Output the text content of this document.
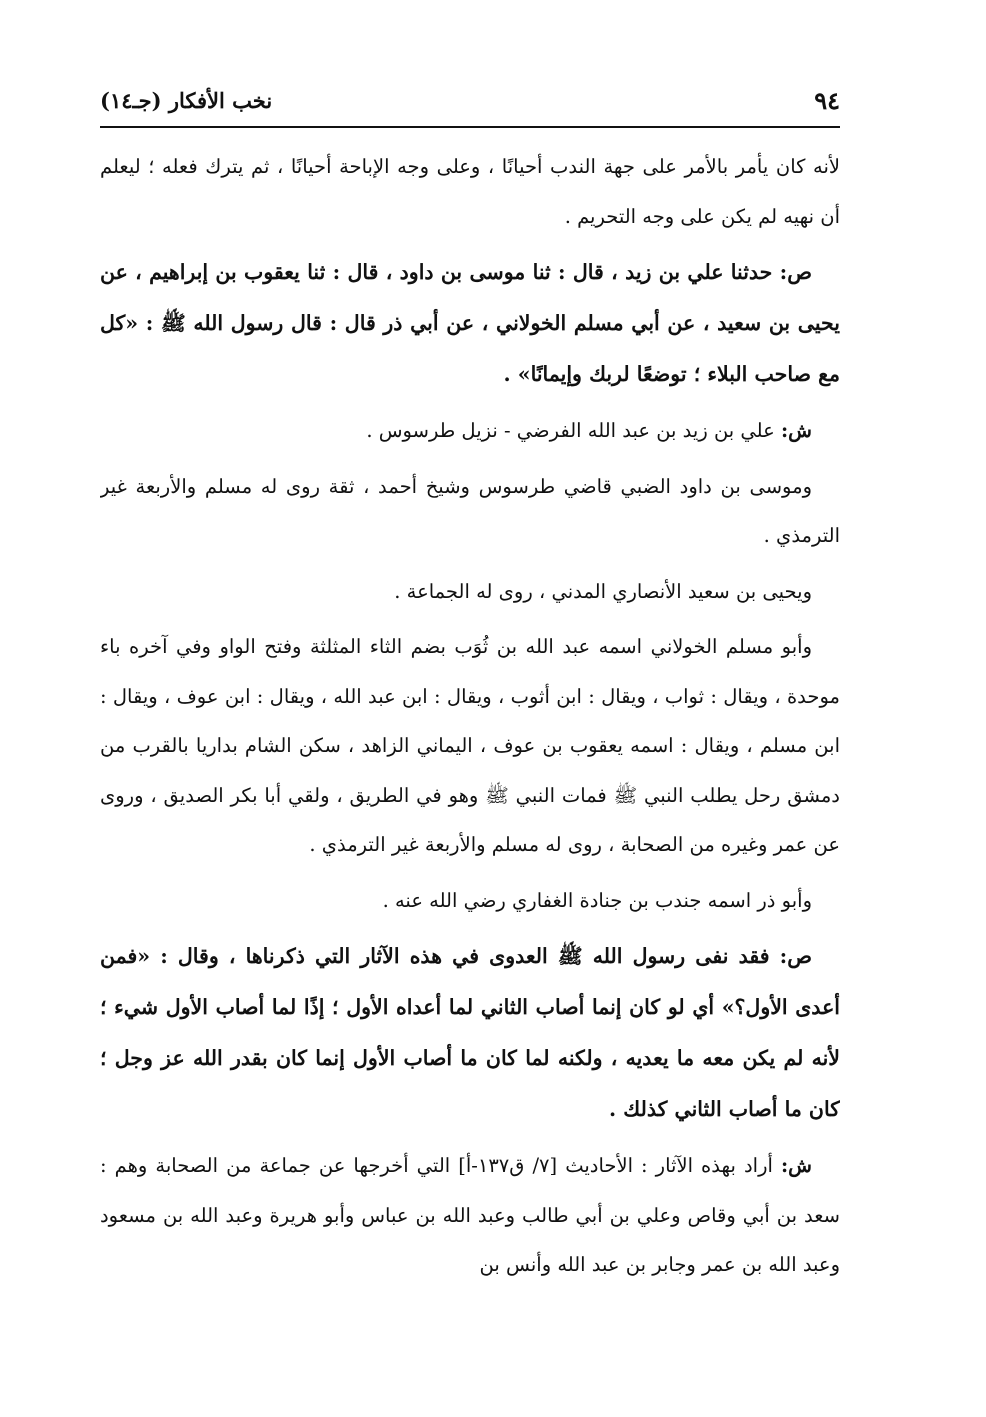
٩٤
نخب الأفكار (جـ١٤)

لأنه كان يأمر بالأمر على جهة الندب أحيانًا ، وعلى وجه الإباحة أحيانًا ، ثم يترك فعله ؛ ليعلم أن نهيه لم يكن على وجه التحريم .

ص: حدثنا علي بن زيد ، قال : ثنا موسى بن داود ، قال : ثنا يعقوب بن إبراهيم ، عن يحيى بن سعيد ، عن أبي مسلم الخولاني ، عن أبي ذر قال : قال رسول الله ﷺ : «كل مع صاحب البلاء ؛ توضعًا لربك وإيمانًا» .

ش: علي بن زيد بن عبد الله الفرضي - نزيل طرسوس .

وموسى بن داود الضبي قاضي طرسوس وشيخ أحمد ، ثقة روى له مسلم والأربعة غير الترمذي .

ويحيى بن سعيد الأنصاري المدني ، روى له الجماعة .

وأبو مسلم الخولاني اسمه عبد الله بن ثُوَب بضم الثاء المثلثة وفتح الواو وفي آخره باء موحدة ، ويقال : ثواب ، ويقال : ابن أثوب ، ويقال : ابن عبد الله ، ويقال : ابن عوف ، ويقال : ابن مسلم ، ويقال : اسمه يعقوب بن عوف ، اليماني الزاهد ، سكن الشام بداريا بالقرب من دمشق رحل يطلب النبي ﷺ فمات النبي ﷺ وهو في الطريق ، ولقي أبا بكر الصديق ، وروى عن عمر وغيره من الصحابة ، روى له مسلم والأربعة غير الترمذي .

وأبو ذر اسمه جندب بن جنادة الغفاري رضي الله عنه .

ص: فقد نفى رسول الله ﷺ العدوى في هذه الآثار التي ذكرناها ، وقال : «فمن أعدى الأول؟» أي لو كان إنما أصاب الثاني لما أعداه الأول ؛ إذًا لما أصاب الأول شيء ؛ لأنه لم يكن معه ما يعديه ، ولكنه لما كان ما أصاب الأول إنما كان بقدر الله عز وجل ؛ كان ما أصاب الثاني كذلك .

ش: أراد بهذه الآثار : الأحاديث [٧/ ق١٣٧-أ] التي أخرجها عن جماعة من الصحابة وهم : سعد بن أبي وقاص وعلي بن أبي طالب وعبد الله بن عباس وأبو هريرة وعبد الله بن مسعود وعبد الله بن عمر وجابر بن عبد الله وأنس بن
